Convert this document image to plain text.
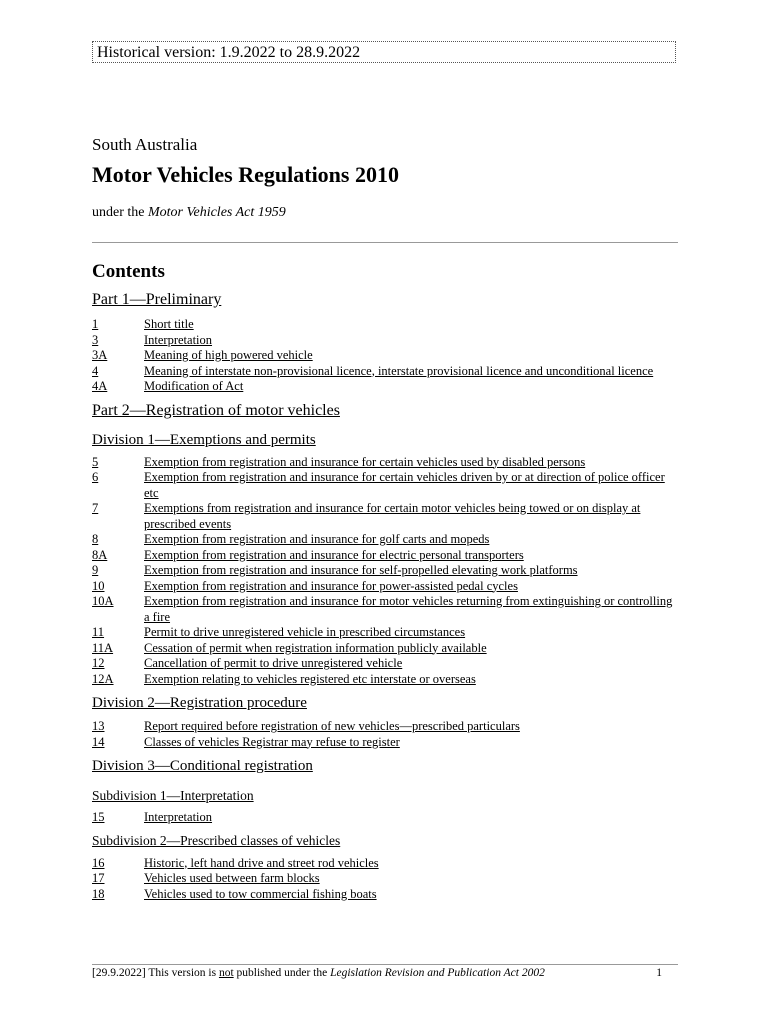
Historical version: 1.9.2022 to 28.9.2022
South Australia
Motor Vehicles Regulations 2010
under the Motor Vehicles Act 1959
Contents

Part 1—Preliminary

1	Short title
3	Interpretation
3A	Meaning of high powered vehicle
4	Meaning of interstate non-provisional licence, interstate provisional licence and unconditional licence
4A	Modification of Act

Part 2—Registration of motor vehicles

Division 1—Exemptions and permits

5	Exemption from registration and insurance for certain vehicles used by disabled persons
6	Exemption from registration and insurance for certain vehicles driven by or at direction of police officer etc
7	Exemptions from registration and insurance for certain motor vehicles being towed or on display at prescribed events
8	Exemption from registration and insurance for golf carts and mopeds
8A	Exemption from registration and insurance for electric personal transporters
9	Exemption from registration and insurance for self-propelled elevating work platforms
10	Exemption from registration and insurance for power-assisted pedal cycles
10A	Exemption from registration and insurance for motor vehicles returning from extinguishing or controlling a fire
11	Permit to drive unregistered vehicle in prescribed circumstances
11A	Cessation of permit when registration information publicly available
12	Cancellation of permit to drive unregistered vehicle
12A	Exemption relating to vehicles registered etc interstate or overseas

Division 2—Registration procedure

13	Report required before registration of new vehicles—prescribed particulars
14	Classes of vehicles Registrar may refuse to register

Division 3—Conditional registration

Subdivision 1—Interpretation

15	Interpretation

Subdivision 2—Prescribed classes of vehicles

16	Historic, left hand drive and street rod vehicles
17	Vehicles used between farm blocks
18	Vehicles used to tow commercial fishing boats
[29.9.2022] This version is not published under the Legislation Revision and Publication Act 2002	1
